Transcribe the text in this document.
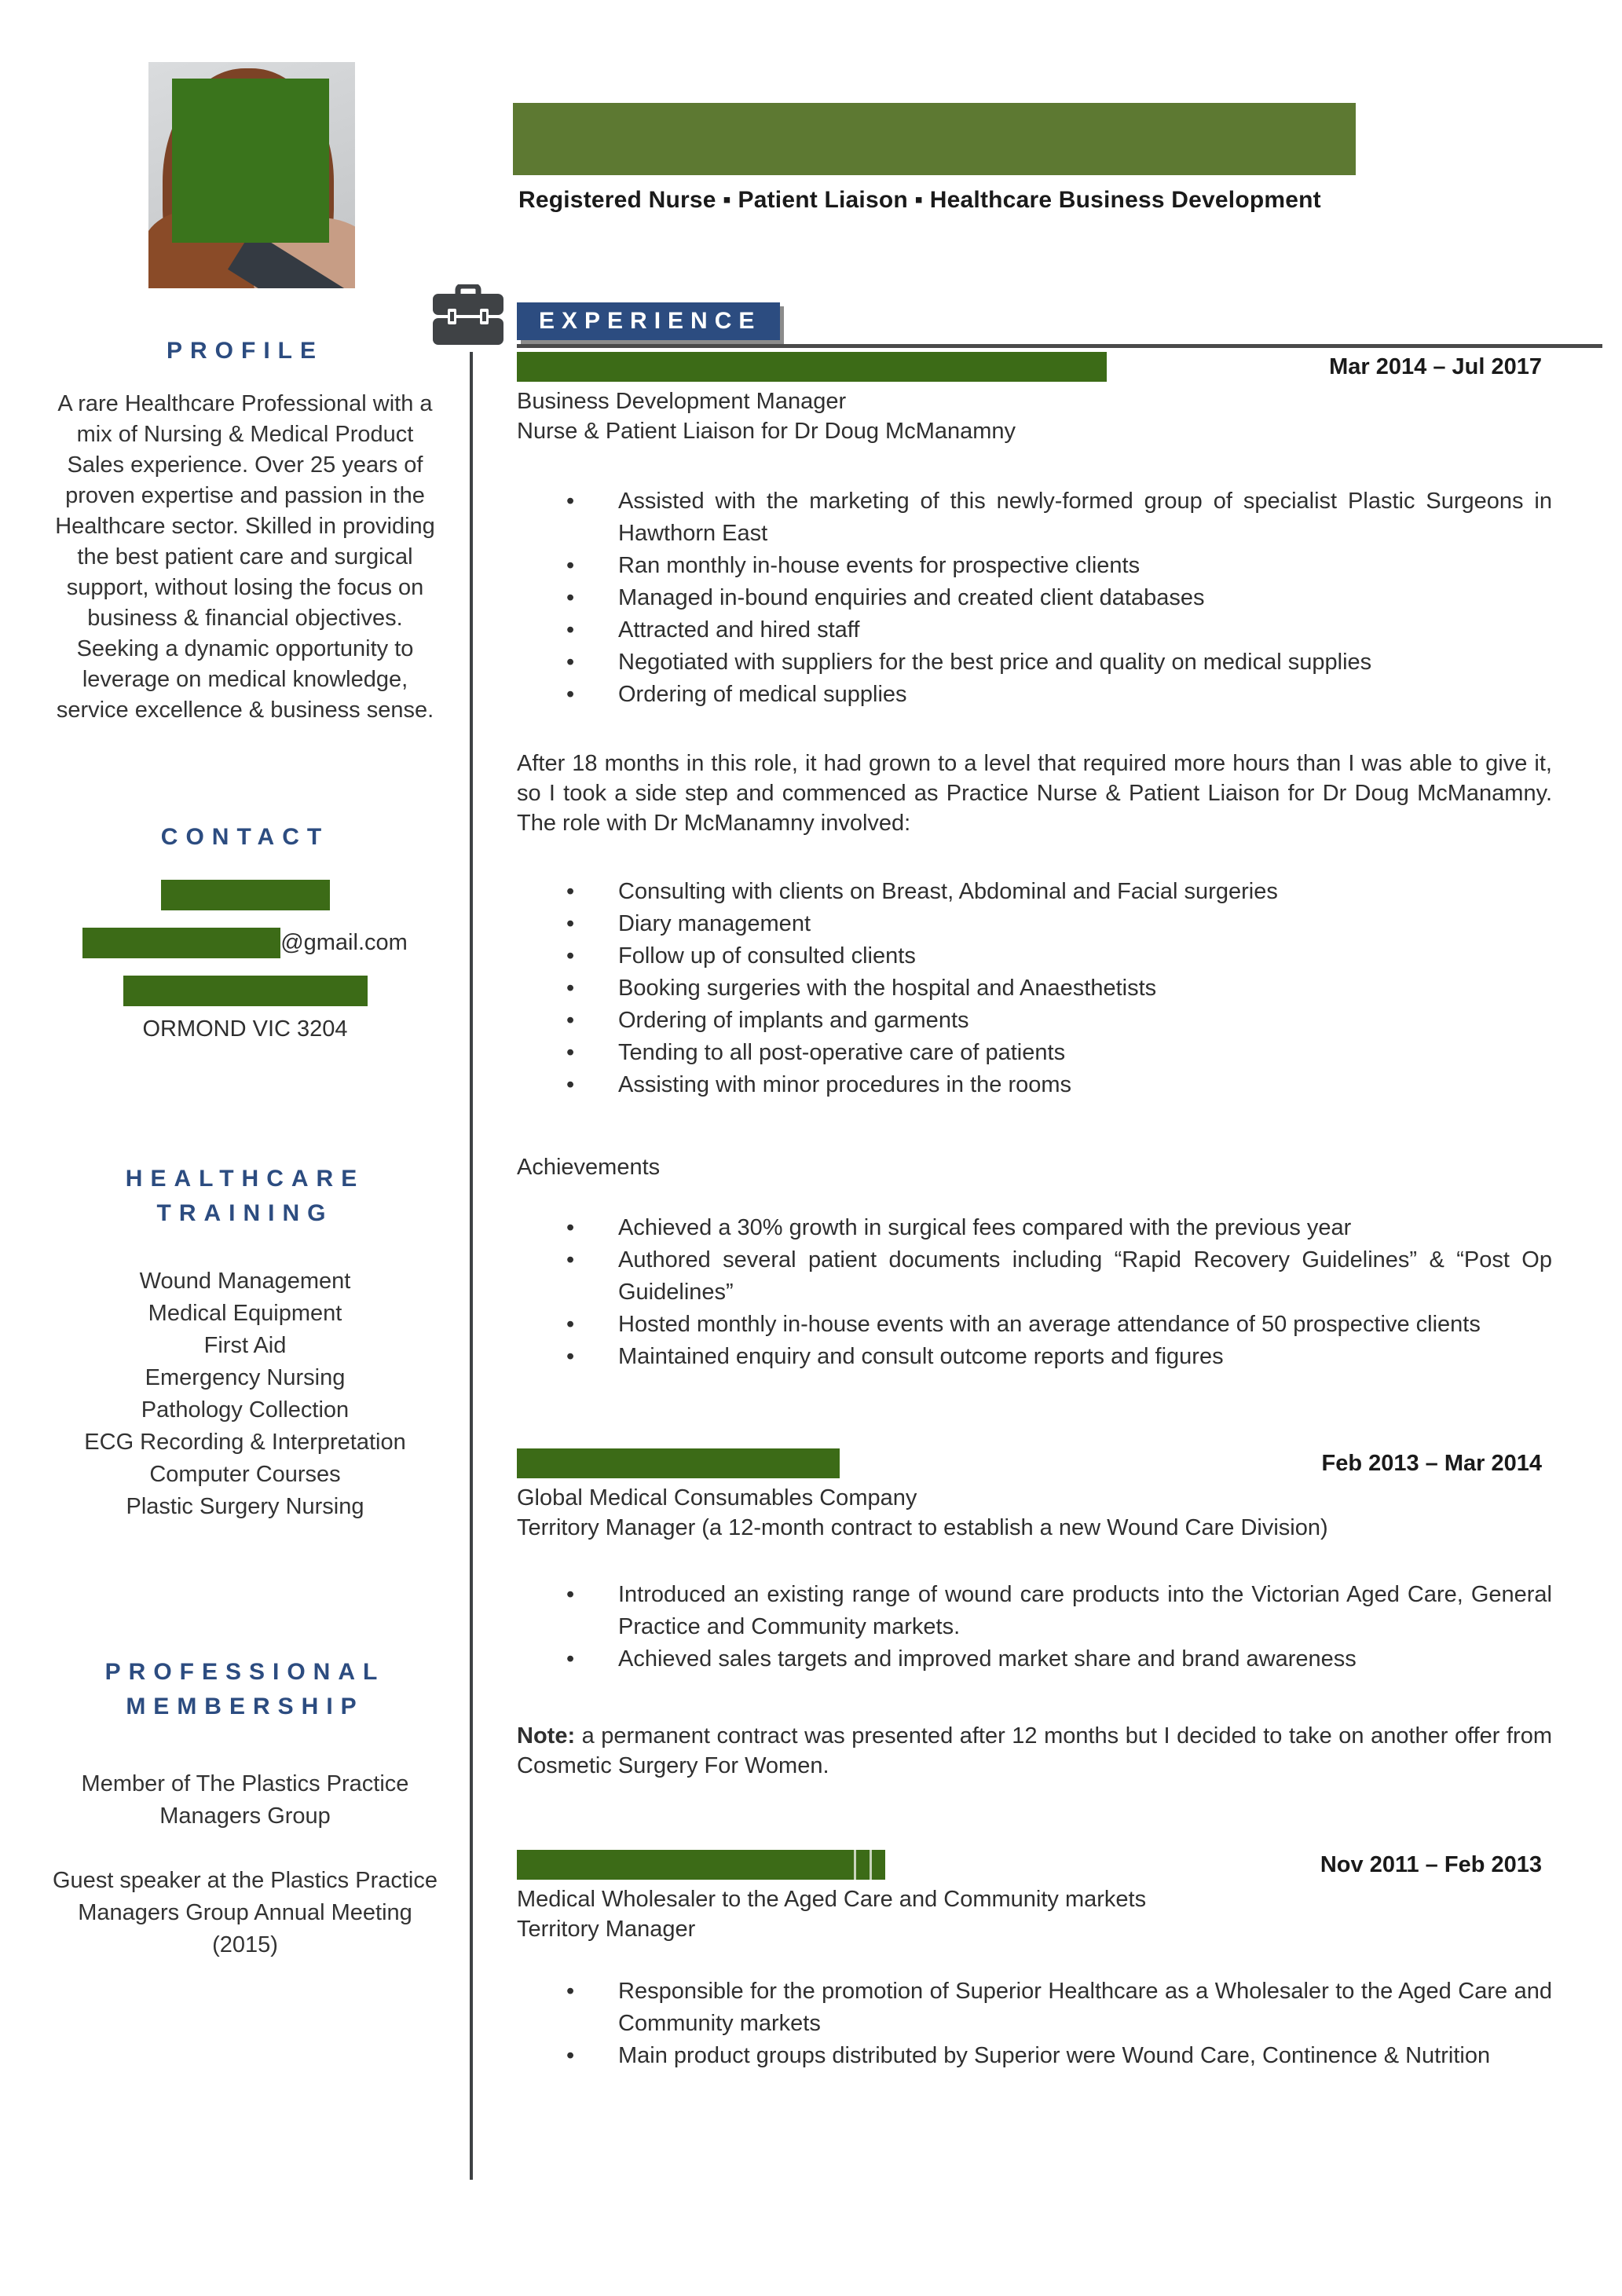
Registered Nurse ▪ Patient Liaison ▪ Healthcare Business Development
PROFILE

A rare Healthcare Professional with a mix of Nursing & Medical Product Sales experience. Over 25 years of proven expertise and passion in the Healthcare sector. Skilled in providing the best patient care and surgical support, without losing the focus on business & financial objectives. Seeking a dynamic opportunity to leverage on medical knowledge, service excellence & business sense.

CONTACT
@gmail.com
ORMOND VIC 3204
HEALTHCARE TRAINING
Wound Management
Medical Equipment
First Aid
Emergency Nursing
Pathology Collection
ECG Recording & Interpretation
Computer Courses
Plastic Surgery Nursing
PROFESSIONAL MEMBERSHIP

Member of The Plastics Practice Managers Group

Guest speaker at the Plastics Practice Managers Group Annual Meeting (2015)

EXPERIENCE
Mar 2014 – Jul 2017
Business Development Manager
Nurse & Patient Liaison for Dr Doug McManamny
• Assisted with the marketing of this newly-formed group of specialist Plastic Surgeons in Hawthorn East
• Ran monthly in-house events for prospective clients
• Managed in-bound enquiries and created client databases
• Attracted and hired staff
• Negotiated with suppliers for the best price and quality on medical supplies
• Ordering of medical supplies

After 18 months in this role, it had grown to a level that required more hours than I was able to give it, so I took a side step and commenced as Practice Nurse & Patient Liaison for Dr Doug McManamny. The role with Dr McManamny involved:

• Consulting with clients on Breast, Abdominal and Facial surgeries
• Diary management
• Follow up of consulted clients
• Booking surgeries with the hospital and Anaesthetists
• Ordering of implants and garments
• Tending to all post-operative care of patients
• Assisting with minor procedures in the rooms
Achievements
• Achieved a 30% growth in surgical fees compared with the previous year
• Authored several patient documents including “Rapid Recovery Guidelines” & “Post Op Guidelines”
• Hosted monthly in-house events with an average attendance of 50 prospective clients
• Maintained enquiry and consult outcome reports and figures
Feb 2013 – Mar 2014
Global Medical Consumables Company
Territory Manager (a 12-month contract to establish a new Wound Care Division)
• Introduced an existing range of wound care products into the Victorian Aged Care, General Practice and Community markets.
• Achieved sales targets and improved market share and brand awareness

Note: a permanent contract was presented after 12 months but I decided to take on another offer from Cosmetic Surgery For Women.

Nov 2011 – Feb 2013
Medical Wholesaler to the Aged Care and Community markets
Territory Manager
• Responsible for the promotion of Superior Healthcare as a Wholesaler to the Aged Care and Community markets
• Main product groups distributed by Superior were Wound Care, Continence & Nutrition
